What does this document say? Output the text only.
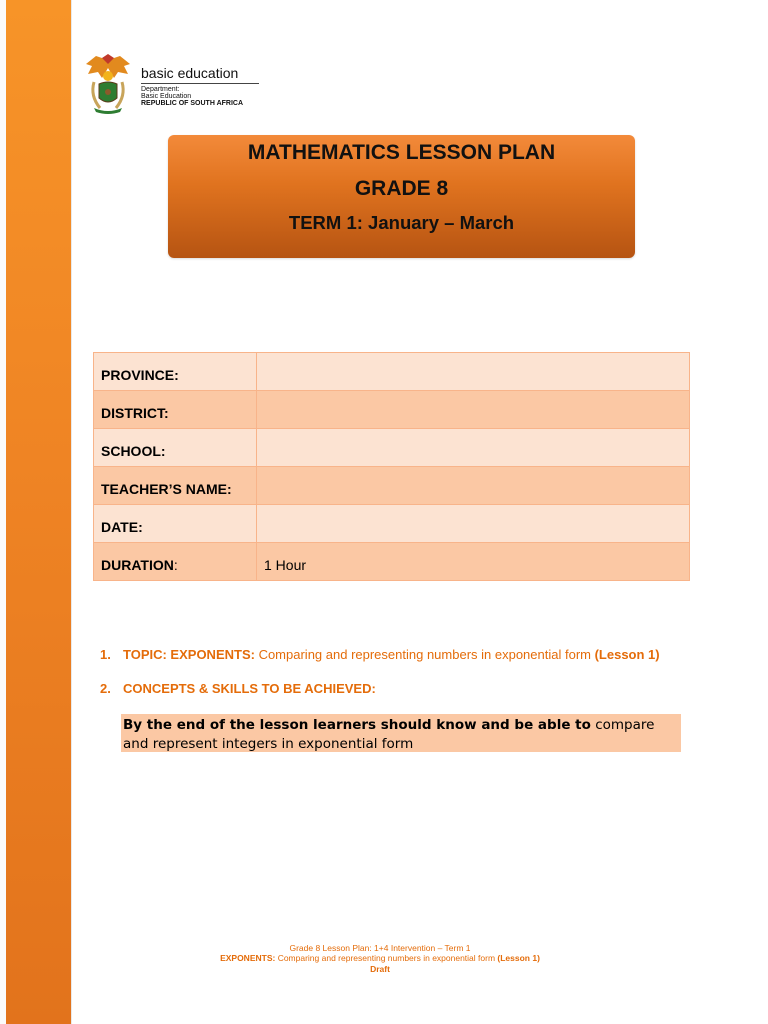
basic education
Department:
Basic Education
REPUBLIC OF SOUTH AFRICA
MATHEMATICS LESSON PLAN
GRADE 8
TERM 1: January – March
PROVINCE:	
DISTRICT:	
SCHOOL:	
TEACHER’S NAME:	
DATE:	
DURATION:	1 Hour
1. TOPIC: EXPONENTS: Comparing and representing numbers in exponential form (Lesson 1)
2. CONCEPTS & SKILLS TO BE ACHIEVED:

By the end of the lesson learners should know and be able to compare and represent integers in exponential form

Grade 8 Lesson Plan: 1+4 Intervention – Term 1
EXPONENTS: Comparing and representing numbers in exponential form (Lesson 1)
Draft
